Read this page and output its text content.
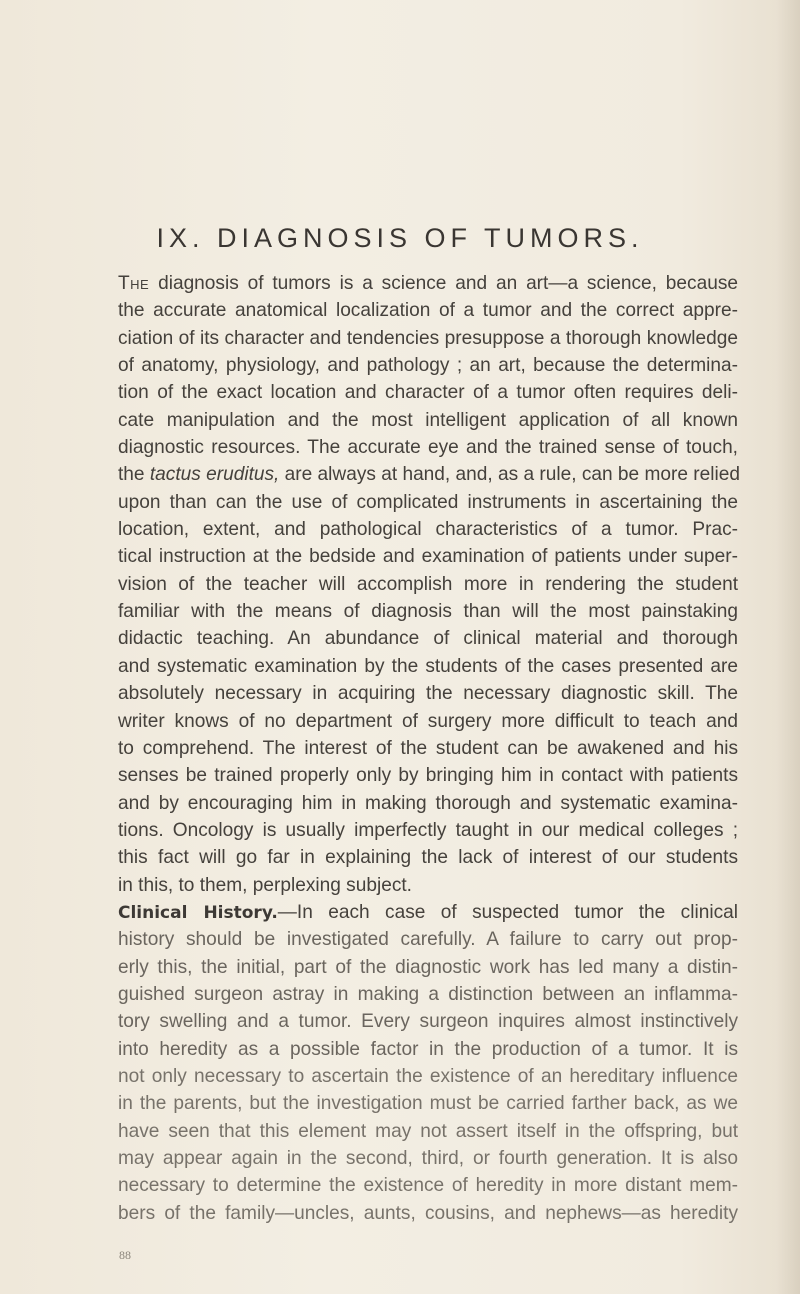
IX. DIAGNOSIS OF TUMORS.
The diagnosis of tumors is a science and an art—a science, because
the accurate anatomical localization of a tumor and the correct appre-
ciation of its character and tendencies presuppose a thorough knowledge
of anatomy, physiology, and pathology ; an art, because the determina-
tion of the exact location and character of a tumor often requires deli-
cate manipulation and the most intelligent application of all known
diagnostic resources. The accurate eye and the trained sense of touch,
the tactus eruditus, are always at hand, and, as a rule, can be more relied
upon than can the use of complicated instruments in ascertaining the
location, extent, and pathological characteristics of a tumor. Prac-
tical instruction at the bedside and examination of patients under super-
vision of the teacher will accomplish more in rendering the student
familiar with the means of diagnosis than will the most painstaking
didactic teaching. An abundance of clinical material and thorough
and systematic examination by the students of the cases presented are
absolutely necessary in acquiring the necessary diagnostic skill. The
writer knows of no department of surgery more difficult to teach and
to comprehend. The interest of the student can be awakened and his
senses be trained properly only by bringing him in contact with patients
and by encouraging him in making thorough and systematic examina-
tions. Oncology is usually imperfectly taught in our medical colleges ;
this fact will go far in explaining the lack of interest of our students
in this, to them, perplexing subject.
Clinical History.—In each case of suspected tumor the clinical
history should be investigated carefully. A failure to carry out prop-
erly this, the initial, part of the diagnostic work has led many a distin-
guished surgeon astray in making a distinction between an inflamma-
tory swelling and a tumor. Every surgeon inquires almost instinctively
into heredity as a possible factor in the production of a tumor. It is
not only necessary to ascertain the existence of an hereditary influence
in the parents, but the investigation must be carried farther back, as we
have seen that this element may not assert itself in the offspring, but
may appear again in the second, third, or fourth generation. It is also
necessary to determine the existence of heredity in more distant mem-
bers of the family—uncles, aunts, cousins, and nephews—as heredity
88
